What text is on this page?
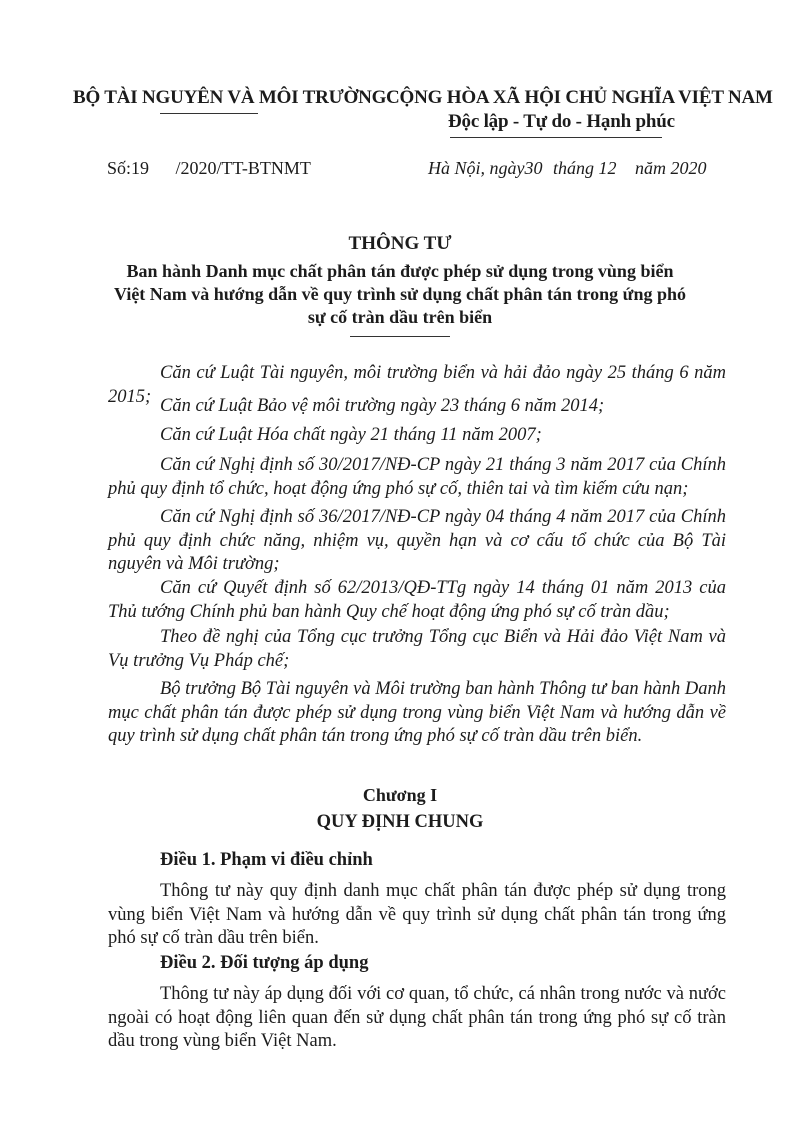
BỘ TÀI NGUYÊN VÀ MÔI TRƯỜNG CỘNG HÒA XÃ HỘI CHỦ NGHĨA VIỆT NAM
Độc lập - Tự do - Hạnh phúc
Số:19 /2020/TT-BTNMT	Hà Nội, ngày30 tháng 12 năm 2020
THÔNG TƯ
Ban hành Danh mục chất phân tán được phép sử dụng trong vùng biển
Việt Nam và hướng dẫn về quy trình sử dụng chất phân tán trong ứng phó
sự cố tràn dầu trên biển
Căn cứ Luật Tài nguyên, môi trường biển và hải đảo ngày 25 tháng 6 năm 2015; Căn cứ Luật Bảo vệ môi trường ngày 23 tháng 6 năm 2014;
Căn cứ Luật Hóa chất ngày 21 tháng 11 năm 2007;
Căn cứ Nghị định số 30/2017/NĐ-CP ngày 21 tháng 3 năm 2017 của Chính phủ quy định tổ chức, hoạt động ứng phó sự cố, thiên tai và tìm kiếm cứu nạn;
Căn cứ Nghị định số 36/2017/NĐ-CP ngày 04 tháng 4 năm 2017 của Chính phủ quy định chức năng, nhiệm vụ, quyền hạn và cơ cấu tổ chức của Bộ Tài nguyên và Môi trường;
Căn cứ Quyết định số 62/2013/QĐ-TTg ngày 14 tháng 01 năm 2013 của Thủ tướng Chính phủ ban hành Quy chế hoạt động ứng phó sự cố tràn dầu;
Theo đề nghị của Tổng cục trưởng Tổng cục Biển và Hải đảo Việt Nam và Vụ trưởng Vụ Pháp chế;
Bộ trưởng Bộ Tài nguyên và Môi trường ban hành Thông tư ban hành Danh mục chất phân tán được phép sử dụng trong vùng biển Việt Nam và hướng dẫn về quy trình sử dụng chất phân tán trong ứng phó sự cố tràn dầu trên biển.
Chương I
QUY ĐỊNH CHUNG
Điều 1. Phạm vi điều chỉnh
Thông tư này quy định danh mục chất phân tán được phép sử dụng trong vùng biển Việt Nam và hướng dẫn về quy trình sử dụng chất phân tán trong ứng phó sự cố tràn dầu trên biển.
Điều 2. Đối tượng áp dụng
Thông tư này áp dụng đối với cơ quan, tổ chức, cá nhân trong nước và nước ngoài có hoạt động liên quan đến sử dụng chất phân tán trong ứng phó sự cố tràn dầu trong vùng biển Việt Nam.
